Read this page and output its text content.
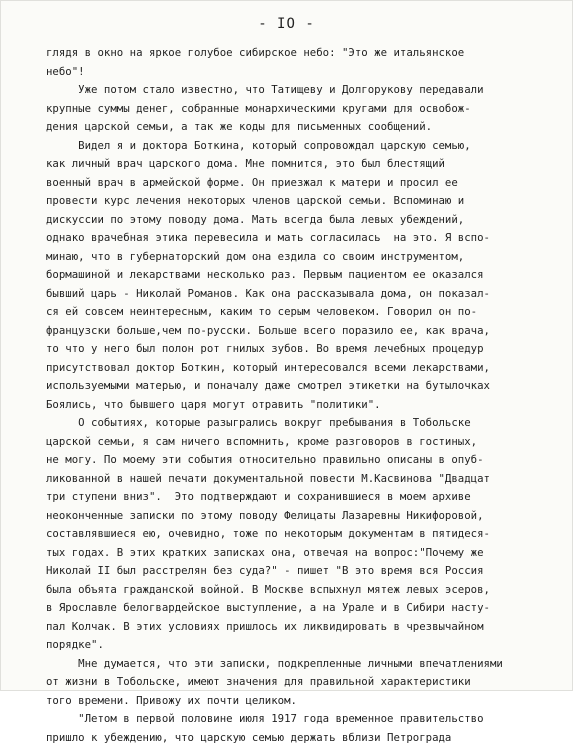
- IO -
глядя в окно на яркое голубое сибирское небо: "Это же итальянское
небо"!
Уже потом стало известно, что Татищеву и Долгорукову передавали
крупные суммы денег, собранные монархическими кругами для освобож-
дения царской семьи, а так же коды для письменных сообщений.
Видел я и доктора Боткина, который сопровождал царскую семью,
как личный врач царского дома. Мне помнится, это был блестящий
военный врач в армейской форме. Он приезжал к матери и просил ее
провести курс лечения некоторых членов царской семьи. Вспоминаю и
дискуссии по этому поводу дома. Мать всегда была левых убеждений,
однако врачебная этика перевесила и мать согласилась  на это. Я вспо-
минаю, что в губернаторский дом она ездила со своим инструментом,
бормашиной и лекарствами несколько раз. Первым пациентом ее оказался
бывший царь - Николай Романов. Как она рассказывала дома, он показал-
ся ей совсем неинтересным, каким то серым человеком. Говорил он по-
французски больше,чем по-русски. Больше всего поразило ее, как врача,
то что у него был полон рот гнилых зубов. Во время лечебных процедур
присутствовал доктор Боткин, который интересовался всеми лекарствами,
используемыми матерью, и поначалу даже смотрел этикетки на бутылочках
Боялись, что бывшего царя могут отравить "политики".
О событиях, которые разыгрались вокруг пребывания в Тобольске
царской семьи, я сам ничего вспомнить, кроме разговоров в гостиных,
не могу. По моему эти события относительно правильно описаны в опуб-
ликованной в нашей печати документальной повести М.Касвинова "Двадцат
три ступени вниз".  Это подтверждают и сохранившиеся в моем архиве
неоконченные записки по этому поводу Фелицаты Лазаревны Никифоровой,
составлявшиеся ею, очевидно, тоже по некоторым документам в пятидеся-
тых годах. В этих кратких записках она, отвечая на вопрос:"Почему же
Николай II был расстрелян без суда?" - пишет "В это время вся Россия
была объята гражданской войной. В Москве вспыхнул мятеж левых эсеров,
в Ярославле белогвардейское выступление, а на Урале и в Сибири насту-
пал Колчак. В этих условиях пришлось их ликвидировать в чрезвычайном
порядке".
Мне думается, что эти записки, подкрепленные личными впечатлениями
от жизни в Тобольске, имеют значения для правильной характеристики
того времени. Привожу их почти целиком.
"Летом в первой половине июля 1917 года временное правительство
пришло к убеждению, что царскую семью держать вблизи Петрограда
